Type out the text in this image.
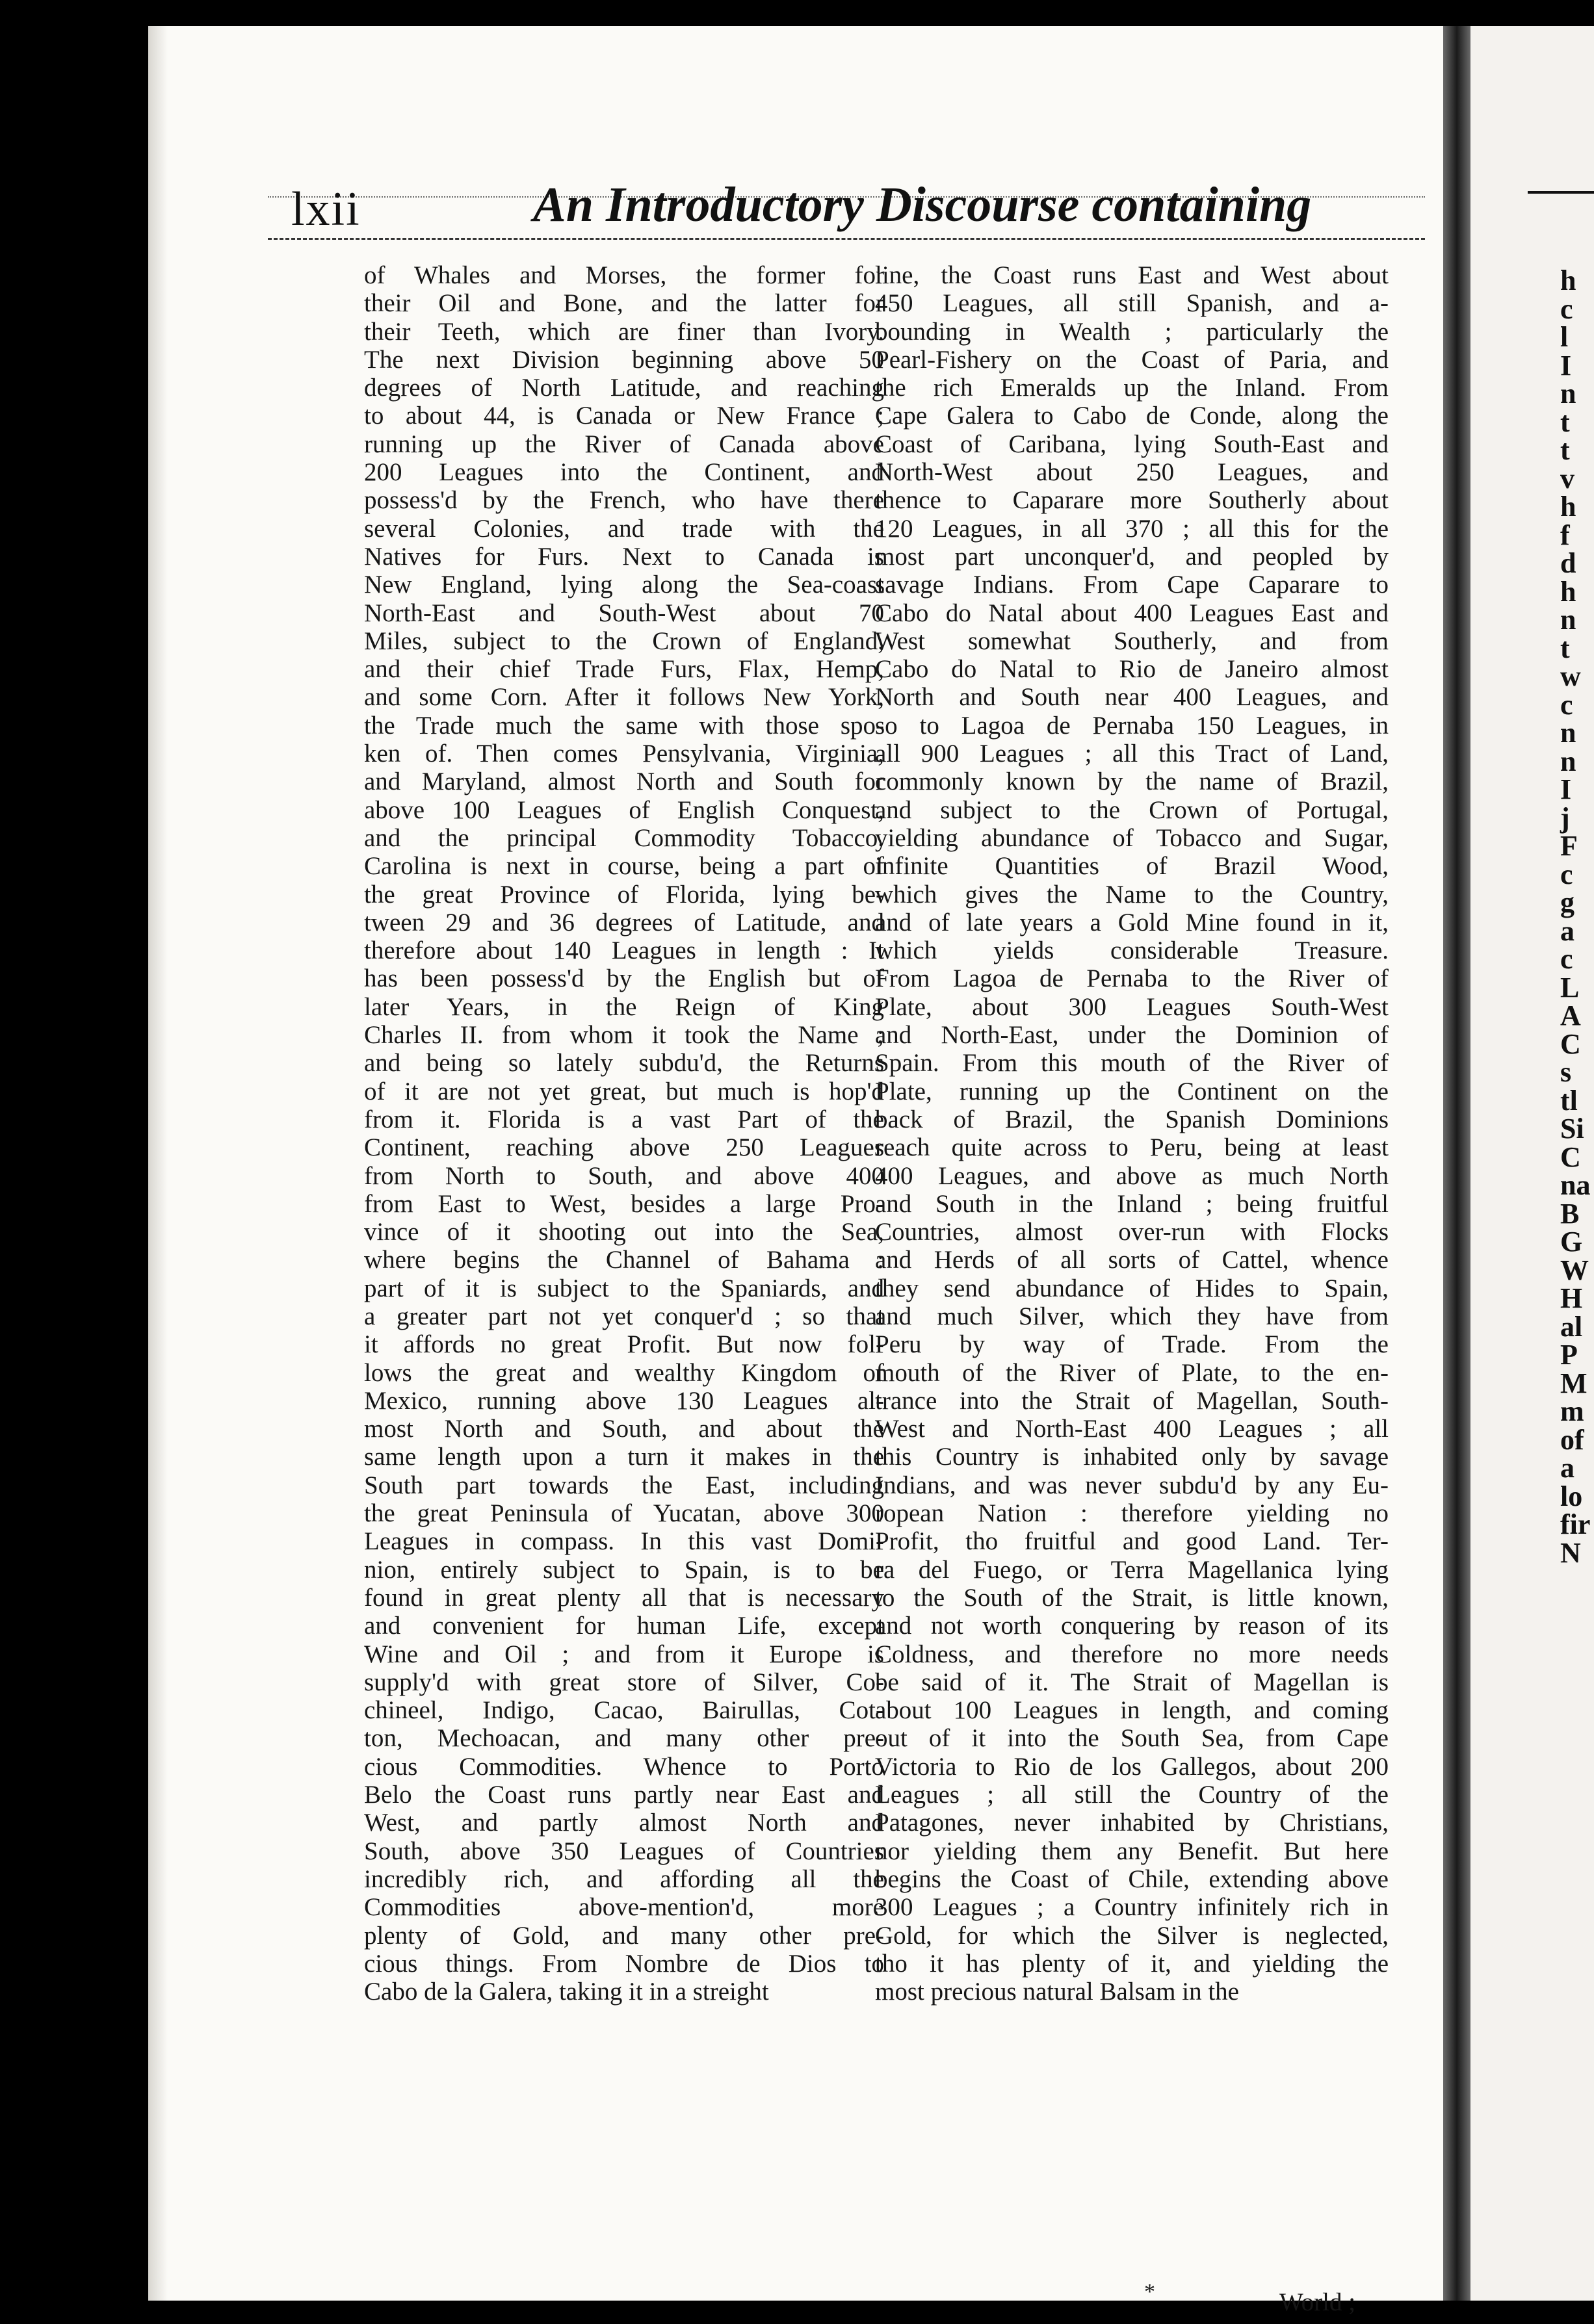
h
c
l
I
n
t
t
v
h
f
d
h
n
t
w
c
n
n
I
j
F
c
g
a
c
L
A
C
s
tl
Si
C
na
B
G
W
H
al
P
M
m
of
a
lo
fir
N
lxii	An Introductory Discourse containing
of Whales and Morses, the former for
their Oil and Bone, and the latter for
their Teeth, which are finer than Ivory.
The next Division beginning above 50
degrees of North Latitude, and reaching
to about 44, is Canada or New France ;
running up the River of Canada above
200 Leagues into the Continent, and
possess'd by the French, who have there
several Colonies, and trade with the
Natives for Furs. Next to Canada is
New England, lying along the Sea-coast
North-East and South-West about 70
Miles, subject to the Crown of England,
and their chief Trade Furs, Flax, Hemp,
and some Corn. After it follows New York,
the Trade much the same with those spo-
ken of. Then comes Pensylvania, Virginia,
and Maryland, almost North and South for
above 100 Leagues of English Conquest,
and the principal Commodity Tobacco.
Carolina is next in course, being a part of
the great Province of Florida, lying be-
tween 29 and 36 degrees of Latitude, and
therefore about 140 Leagues in length : It
has been possess'd by the English but of
later Years, in the Reign of King
Charles II. from whom it took the Name ;
and being so lately subdu'd, the Returns
of it are not yet great, but much is hop'd
from it. Florida is a vast Part of the
Continent, reaching above 250 Leagues
from North to South, and above 400
from East to West, besides a large Pro-
vince of it shooting out into the Sea,
where begins the Channel of Bahama :
part of it is subject to the Spaniards, and
a greater part not yet conquer'd ; so that
it affords no great Profit. But now fol-
lows the great and wealthy Kingdom of
Mexico, running above 130 Leagues al-
most North and South, and about the
same length upon a turn it makes in the
South part towards the East, including
the great Peninsula of Yucatan, above 300
Leagues in compass. In this vast Domi-
nion, entirely subject to Spain, is to be
found in great plenty all that is necessary
and convenient for human Life, except
Wine and Oil ; and from it Europe is
supply'd with great store of Silver, Co-
chineel, Indigo, Cacao, Bairullas, Cot-
ton, Mechoacan, and many other pre-
cious Commodities. Whence to Porto
Belo the Coast runs partly near East and
West, and partly almost North and
South, above 350 Leagues of Countries
incredibly rich, and affording all the
Commodities above-mention'd, more
plenty of Gold, and many other pre-
cious things. From Nombre de Dios to
Cabo de la Galera, taking it in a streight
line, the Coast runs East and West about
450 Leagues, all still Spanish, and a-
bounding in Wealth ; particularly the
Pearl-Fishery on the Coast of Paria, and
the rich Emeralds up the Inland. From
Cape Galera to Cabo de Conde, along the
Coast of Caribana, lying South-East and
North-West about 250 Leagues, and
thence to Caparare more Southerly about
120 Leagues, in all 370 ; all this for the
most part unconquer'd, and peopled by
savage Indians. From Cape Caparare to
Cabo do Natal about 400 Leagues East and
West somewhat Southerly, and from
Cabo do Natal to Rio de Janeiro almost
North and South near 400 Leagues, and
so to Lagoa de Pernaba 150 Leagues, in
all 900 Leagues ; all this Tract of Land,
commonly known by the name of Brazil,
and subject to the Crown of Portugal,
yielding abundance of Tobacco and Sugar,
infinite Quantities of Brazil Wood,
which gives the Name to the Country,
and of late years a Gold Mine found in it,
which yields considerable Treasure.
From Lagoa de Pernaba to the River of
Plate, about 300 Leagues South-West
and North-East, under the Dominion of
Spain. From this mouth of the River of
Plate, running up the Continent on the
back of Brazil, the Spanish Dominions
reach quite across to Peru, being at least
400 Leagues, and above as much North
and South in the Inland ; being fruitful
Countries, almost over-run with Flocks
and Herds of all sorts of Cattel, whence
they send abundance of Hides to Spain,
and much Silver, which they have from
Peru by way of Trade. From the
mouth of the River of Plate, to the en-
trance into the Strait of Magellan, South-
West and North-East 400 Leagues ; all
this Country is inhabited only by savage
Indians, and was never subdu'd by any Eu-
ropean Nation : therefore yielding no
Profit, tho fruitful and good Land. Ter-
ra del Fuego, or Terra Magellanica lying
to the South of the Strait, is little known,
and not worth conquering by reason of its
Coldness, and therefore no more needs
be said of it. The Strait of Magellan is
about 100 Leagues in length, and coming
out of it into the South Sea, from Cape
Victoria to Rio de los Gallegos, about 200
Leagues ; all still the Country of the
Patagones, never inhabited by Christians,
nor yielding them any Benefit. But here
begins the Coast of Chile, extending above
300 Leagues ; a Country infinitely rich in
Gold, for which the Silver is neglected,
tho it has plenty of it, and yielding the
most precious natural Balsam in the
*	World ;
